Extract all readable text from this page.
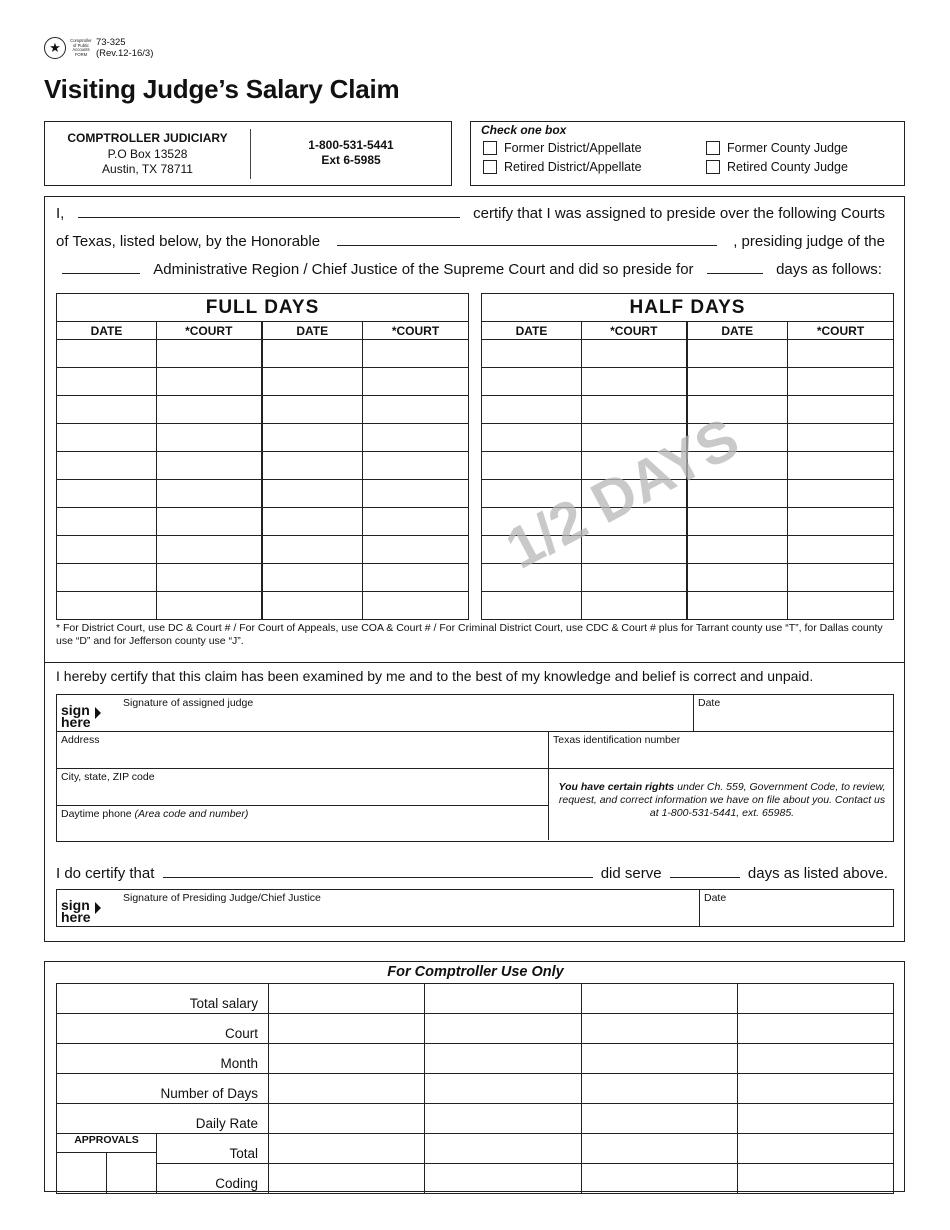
★	Comptroller of Public Accounts FORM
73-325
(Rev.12-16/3)
Visiting Judge’s Salary Claim
COMPTROLLER JUDICIARY
P.O Box 13528
Austin, TX 78711
1-800-531-5441
Ext 6-5985
Check one box
Former District/Appellate
Retired District/Appellate
Former County Judge
Retired County Judge
I,	certify that I was assigned to preside over the following Courts
of Texas, listed below, by the Honorable	, presiding judge of the
Administrative Region / Chief Justice of the Supreme Court and did so preside for	days as follows:
FULL DAYS			
DATE	*COURT	DATE	*COURT

HALF DAYS			
DATE	*COURT	DATE	*COURT

1/2 DAYS
* For District Court, use DC & Court # / For Court of Appeals, use COA & Court # / For Criminal District Court, use CDC & Court # plus for Tarrant county use “T”, for Dallas county use “D” and for Jefferson county use “J”.
I hereby certify that this claim has been examined by me and to the best of my knowledge and belief is correct and unpaid.
sign
here
Signature of assigned judge	Date
Address
City, state, ZIP code
Daytime phone (Area code and number)
Texas identification number
You have certain rights under Ch. 559, Government Code, to review, request, and correct information we have on file about you. Contact us at 1-800-531-5441, ext. 65985.
I do certify that	did serve	days as listed above.
sign
here
Signature of Presiding Judge/Chief Justice	Date
For Comptroller Use Only
Total salary						
Court						
Month						
Number of Days						
Daily Rate						
APPROVALS		Total				

		Coding				
